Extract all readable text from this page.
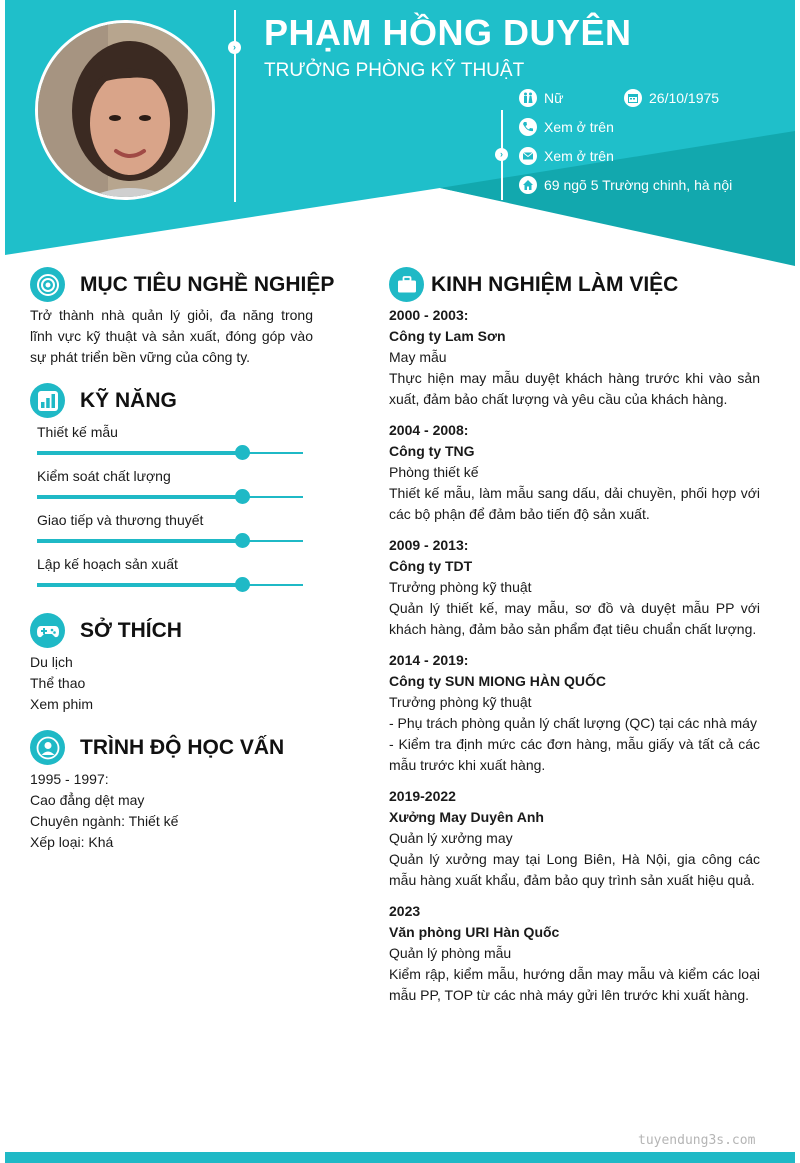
›
›
PHẠM HỒNG DUYÊN
TRƯỞNG PHÒNG KỸ THUẬT
Nữ	26/10/1975
Xem ở trên
Xem ở trên
69 ngõ 5 Trường chinh, hà nội
MỤC TIÊU NGHỀ NGHIỆP
Trở thành nhà quản lý giỏi, đa năng trong lĩnh vực kỹ thuật và sản xuất, đóng góp vào sự phát triển bền vững của công ty.
KỸ NĂNG
Thiết kế mẫu
Kiểm soát chất lượng
Giao tiếp và thương thuyết
Lập kế hoạch sản xuất
SỞ THÍCH
Du lịch
Thể thao
Xem phim
TRÌNH ĐỘ HỌC VẤN
1995 - 1997:
Cao đẳng dệt may
Chuyên ngành: Thiết kế
Xếp loại: Khá
KINH NGHIỆM LÀM VIỆC
2000 - 2003:
Công ty Lam Sơn
May mẫu
Thực hiện may mẫu duyệt khách hàng trước khi vào sản xuất, đảm bảo chất lượng và yêu cầu của khách hàng.
2004 - 2008:
Công ty TNG
Phòng thiết kế
Thiết kế mẫu, làm mẫu sang dấu, dải chuyền, phối hợp với các bộ phận để đảm bảo tiến độ sản xuất.
2009 - 2013:
Công ty TDT
Trưởng phòng kỹ thuật
Quản lý thiết kế, may mẫu, sơ đồ và duyệt mẫu PP với khách hàng, đảm bảo sản phẩm đạt tiêu chuẩn chất lượng.
2014 - 2019:
Công ty SUN MIONG HÀN QUỐC
Trưởng phòng kỹ thuật
- Phụ trách phòng quản lý chất lượng (QC) tại các nhà máy
- Kiểm tra định mức các đơn hàng, mẫu giấy và tất cả các mẫu trước khi xuất hàng.
2019-2022
Xưởng May Duyên Anh
Quản lý xưởng may
Quản lý xưởng may tại Long Biên, Hà Nội, gia công các mẫu hàng xuất khẩu, đảm bảo quy trình sản xuất hiệu quả.
2023
Văn phòng URI Hàn Quốc
Quản lý phòng mẫu
Kiểm rập, kiểm mẫu, hướng dẫn may mẫu và kiểm các loại mẫu PP, TOP từ các nhà máy gửi lên trước khi xuất hàng.
tuyendung3s.com
